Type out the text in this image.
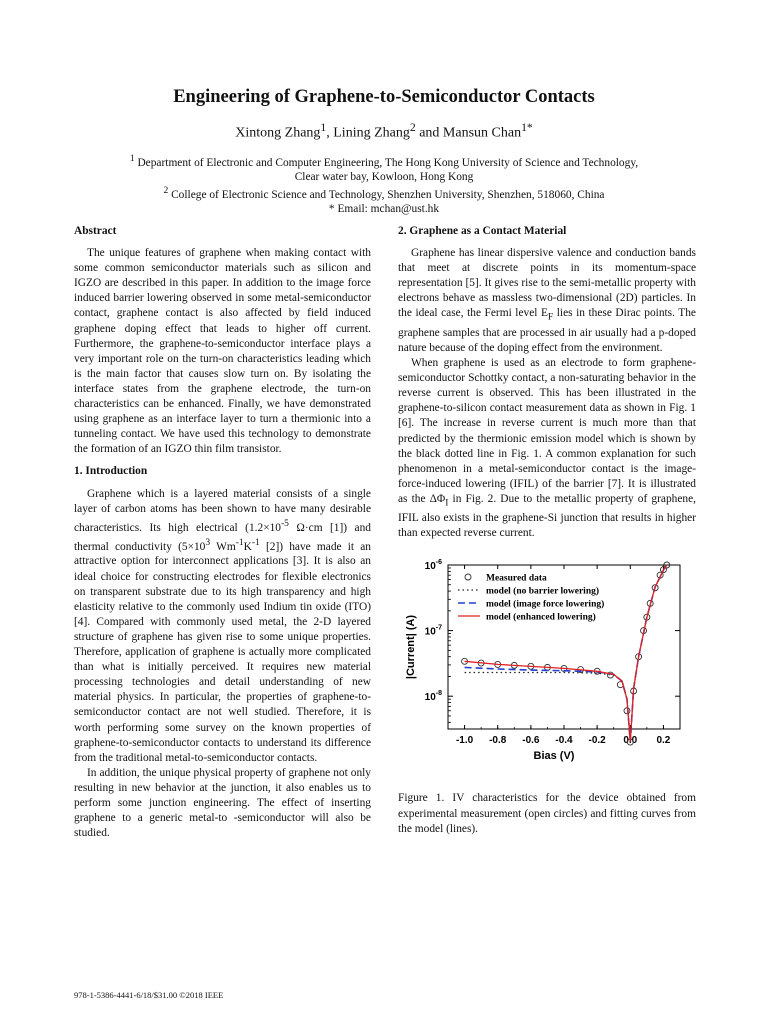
Engineering of Graphene-to-Semiconductor Contacts
Xintong Zhang$^1$, Lining Zhang$^2$ and Mansun Chan$^{1*}$

$^1$ Department of Electronic and Computer Engineering, The Hong Kong University of Science and Technology,

Clear water bay, Kowloon, Hong Kong

$^2$ College of Electronic Science and Technology, Shenzhen University, Shenzhen, 518060, China

* Email: mchan@ust.hk

Abstract

The unique features of graphene when making contact with some common semiconductor materials such as silicon and IGZO are described in this paper. In addition to the image force induced barrier lowering observed in some metal-semiconductor contact, graphene contact is also affected by field induced graphene doping effect that leads to higher off current. Furthermore, the graphene-to-semiconductor interface plays a very important role on the turn-on characteristics leading which is the main factor that causes slow turn on. By isolating the interface states from the graphene electrode, the turn-on characteristics can be enhanced. Finally, we have demonstrated using graphene as an interface layer to turn a thermionic into a tunneling contact. We have used this technology to demonstrate the formation of an IGZO thin film transistor.

1. Introduction

Graphene which is a layered material consists of a single layer of carbon atoms has been shown to have many desirable characteristics. Its high electrical ($1.2\times 10^{-5}$ Ω·cm [1]) and thermal conductivity ($5\times 10^3$ $Wm^{-1}K^{-1}$ [2]) have made it an attractive option for interconnect applications [3]. It is also an ideal choice for constructing electrodes for flexible electronics on transparent substrate due to its high transparency and high elasticity relative to the commonly used Indium tin oxide (ITO) [4]. Compared with commonly used metal, the 2-D layered structure of graphene has given rise to some unique properties. Therefore, application of graphene is actually more complicated than what is initially perceived. It requires new material processing technologies and detail understanding of new material physics. In particular, the properties of graphene-to-semiconductor contact are not well studied. Therefore, it is worth performing some survey on the known properties of graphene-to-semiconductor contacts to understand its difference from the traditional metal-to-semiconductor contacts.

In addition, the unique physical property of graphene not only resulting in new behavior at the junction, it also enables us to perform some junction engineering. The effect of inserting graphene to a generic metal-to -semiconductor will also be studied.

2. Graphene as a Contact Material

Graphene has linear dispersive valence and conduction bands that meet at discrete points in its momentum-space representation [5]. It gives rise to the semi-metallic property with electrons behave as massless two-dimensional (2D) particles. In the ideal case, the Fermi level $E_F$ lies in these Dirac points. The graphene samples that are processed in air usually had a p-doped nature because of the doping effect from the environment.

When graphene is used as an electrode to form graphene-semiconductor Schottky contact, a non-saturating behavior in the reverse current is observed. This has been illustrated in the graphene-to-silicon contact measurement data as shown in Fig. 1 [6]. The increase in reverse current is much more than that predicted by the thermionic emission model which is shown by the black dotted line in Fig. 1. A common explanation for such phenomenon in a metal-semiconductor contact is the image-force-induced lowering (IFIL) of the barrier [7]. It is illustrated as the $\Delta\Phi_I$ in Fig. 2. Due to the metallic property of graphene, IFIL also exists in the graphene-Si junction that results in higher than expected reverse current.

-1.0 -0.8 -0.6 -0.4 -0.2 0.0 0.2
$10^{-6}$
$10^{-7}$
$10^{-8}$
Bias (V)
|Current| (A)
Measured data
model (no barrier lowering)
model (image force lowering)
model (enhanced lowering)

Figure 1. IV characteristics for the device obtained from experimental measurement (open circles) and fitting curves from the model (lines).

978-1-5386-4441-6/18/$31.00 ©2018 IEEE
